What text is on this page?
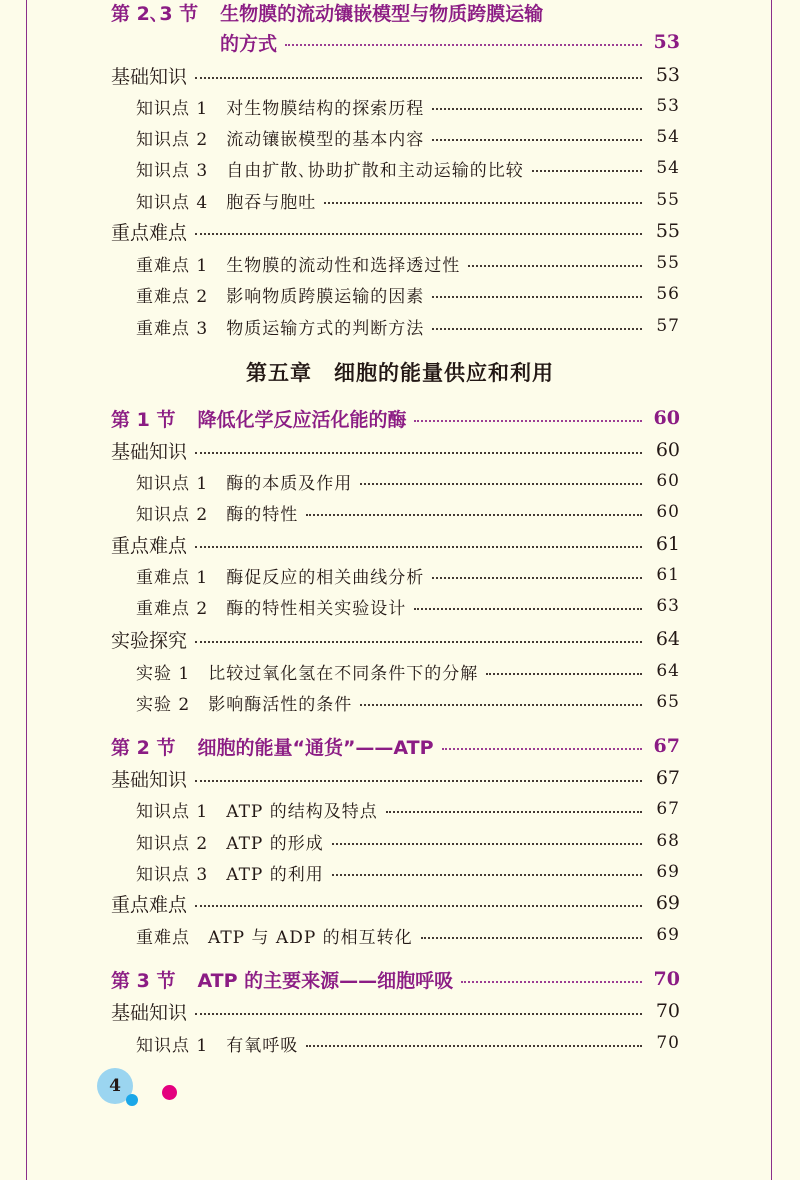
第 2､3 节 生物膜的流动镶嵌模型与物质跨膜运输
的方式	53
基础知识	53
知识点 1 对生物膜结构的探索历程	53
知识点 2 流动镶嵌模型的基本内容	54
知识点 3 自由扩散､协助扩散和主动运输的比较	54
知识点 4 胞吞与胞吐	55
重点难点	55
重难点 1 生物膜的流动性和选择透过性	55
重难点 2 影响物质跨膜运输的因素	56
重难点 3 物质运输方式的判断方法	57
第 1 节 降低化学反应活化能的酶	60
基础知识	60
知识点 1 酶的本质及作用	60
知识点 2 酶的特性	60
重点难点	61
重难点 1 酶促反应的相关曲线分析	61
重难点 2 酶的特性相关实验设计	63
实验探究	64
实验 1 比较过氧化氢在不同条件下的分解	64
实验 2 影响酶活性的条件	65
第 2 节 细胞的能量“通货”——ATP	67
基础知识	67
知识点 1 ATP 的结构及特点	67
知识点 2 ATP 的形成	68
知识点 3 ATP 的利用	69
重点难点	69
重难点 ATP 与 ADP 的相互转化	69
第 3 节 ATP 的主要来源——细胞呼吸	70
基础知识	70
知识点 1 有氧呼吸	70
第五章　细胞的能量供应和利用
4
